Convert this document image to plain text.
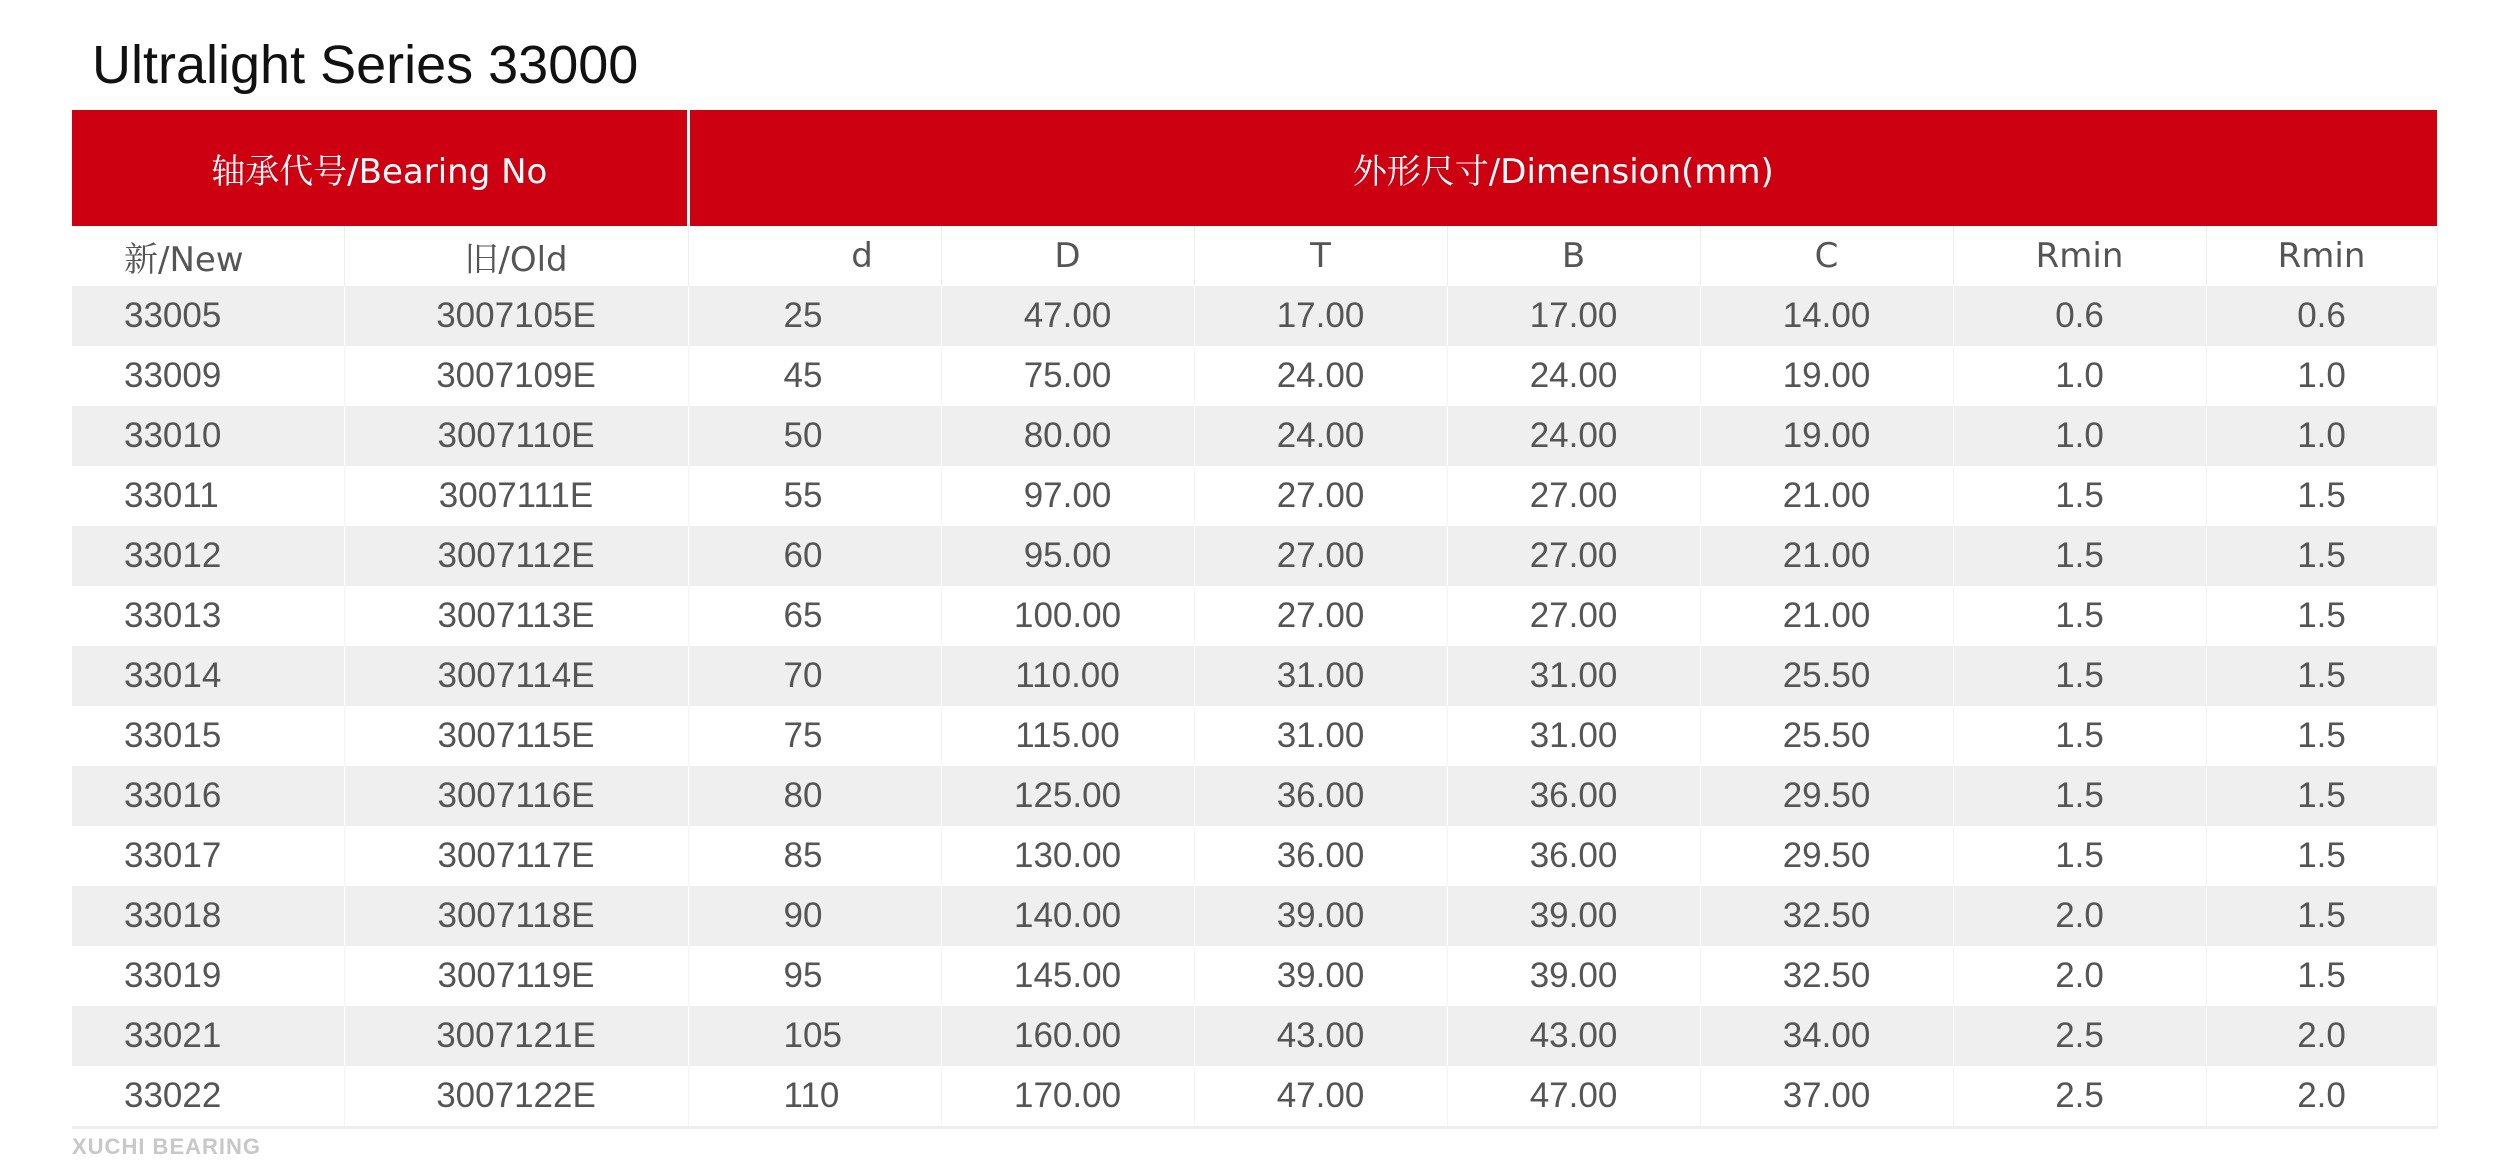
Ultralight Series 33000
轴承代号/Bearing No		外形尺寸/Dimension(mm)						
新/New	旧/Old	d	D	T	B	C	Rmin	Rmin
33005	3007105E	25	47.00	17.00	17.00	14.00	0.6	0.6
33009	3007109E	45	75.00	24.00	24.00	19.00	1.0	1.0
33010	3007110E	50	80.00	24.00	24.00	19.00	1.0	1.0
33011	3007111E	55	97.00	27.00	27.00	21.00	1.5	1.5
33012	3007112E	60	95.00	27.00	27.00	21.00	1.5	1.5
33013	3007113E	65	100.00	27.00	27.00	21.00	1.5	1.5
33014	3007114E	70	110.00	31.00	31.00	25.50	1.5	1.5
33015	3007115E	75	115.00	31.00	31.00	25.50	1.5	1.5
33016	3007116E	80	125.00	36.00	36.00	29.50	1.5	1.5
33017	3007117E	85	130.00	36.00	36.00	29.50	1.5	1.5
33018	3007118E	90	140.00	39.00	39.00	32.50	2.0	1.5
33019	3007119E	95	145.00	39.00	39.00	32.50	2.0	1.5
33021	3007121E	105	160.00	43.00	43.00	34.00	2.5	2.0
33022	3007122E	110	170.00	47.00	47.00	37.00	2.5	2.0
XUCHI BEARING
